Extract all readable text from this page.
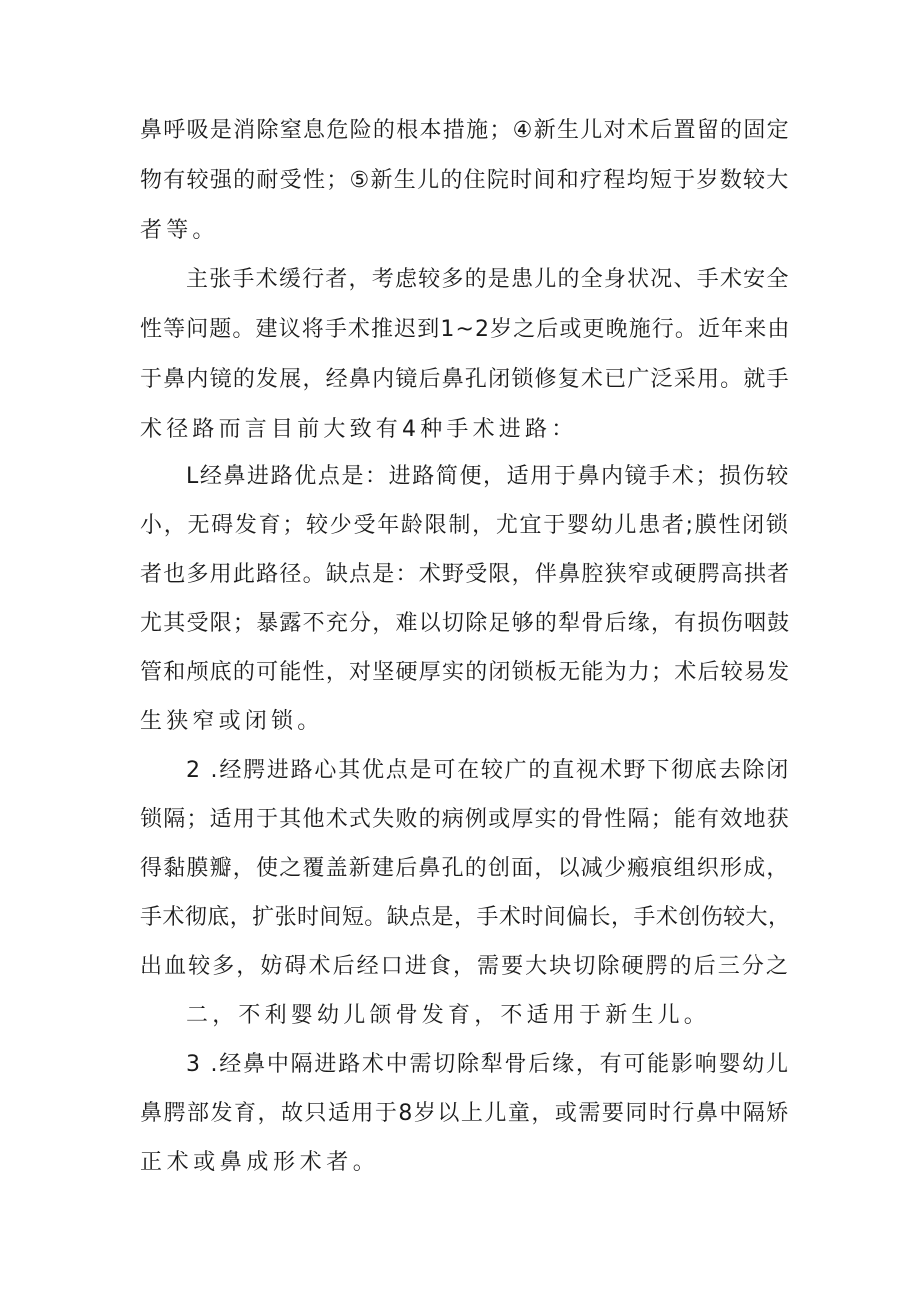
鼻呼吸是消除窒息危险的根本措施；④新生儿对术后置留的固定
物有较强的耐受性；⑤新生儿的住院时间和疗程均短于岁数较大
者等。
主张手术缓行者，考虑较多的是患儿的全身状况、手术安全
性等问题。建议将手术推迟到1~2岁之后或更晚施行。近年来由
于鼻内镜的发展，经鼻内镜后鼻孔闭锁修复术已广泛采用。就手
术径路而言目前大致有4种手术进路：
L经鼻进路优点是：进路简便，适用于鼻内镜手术；损伤较
小，无碍发育；较少受年龄限制，尤宜于婴幼儿患者;膜性闭锁
者也多用此路径。缺点是：术野受限，伴鼻腔狭窄或硬腭高拱者
尤其受限；暴露不充分，难以切除足够的犁骨后缘，有损伤咽鼓
管和颅底的可能性，对坚硬厚实的闭锁板无能为力；术后较易发
生狭窄或闭锁。
2 .经腭进路心其优点是可在较广的直视术野下彻底去除闭
锁隔；适用于其他术式失败的病例或厚实的骨性隔；能有效地获
得黏膜瓣，使之覆盖新建后鼻孔的创面，以减少瘢痕组织形成，
手术彻底，扩张时间短。缺点是，手术时间偏长，手术创伤较大，
出血较多，妨碍术后经口进食，需要大块切除硬腭的后三分之
二，不利婴幼儿颌骨发育，不适用于新生儿。
3 .经鼻中隔进路术中需切除犁骨后缘，有可能影响婴幼儿
鼻腭部发育，故只适用于8岁以上儿童，或需要同时行鼻中隔矫
正术或鼻成形术者。
